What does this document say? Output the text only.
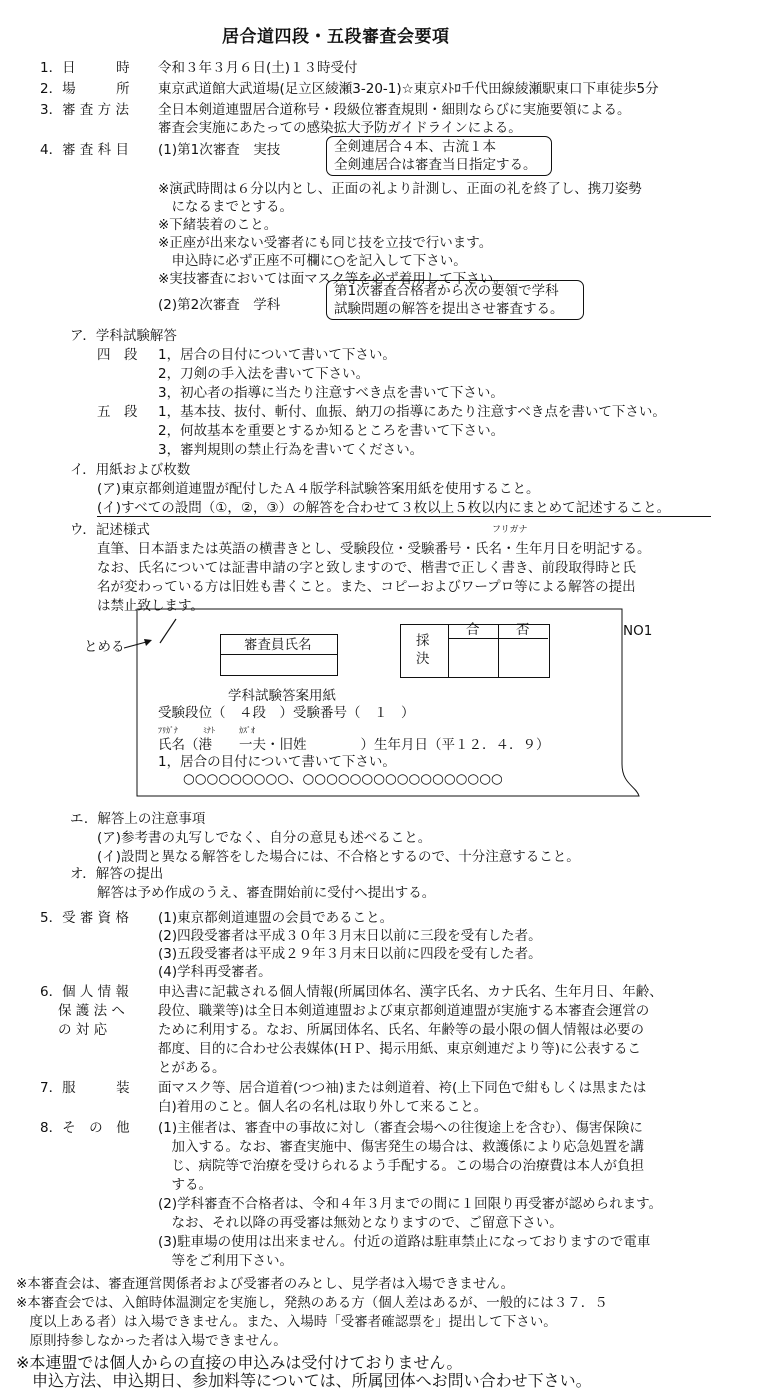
居合道四段・五段審査会要項
1．日　　　時 令和３年３月６日(土)１３時受付
2．場　　　所 東京武道館大武道場(足立区綾瀬3-20-1)☆東京ﾒﾄﾛ千代田線綾瀬駅東口下車徒歩5分
3．審 査 方 法 全日本剣道連盟居合道称号・段級位審査規則・細則ならびに実施要領による。
審査会実施にあたっての感染拡大予防ガイドラインによる。
4．審 査 科 目 (1)第1次審査　実技	全剣連居合４本、古流１本
全剣連居合は審査当日指定する。
※演武時間は６分以内とし、正面の礼より計測し、正面の礼を終了し、携刀姿勢
　になるまでとする。
※下緒装着のこと。
※正座が出来ない受審者にも同じ技を立技で行います。
　申込時に必ず正座不可欄に○を記入して下さい。
※実技審査においては面マスク等を必ず着用して下さい。
(2)第2次審査　学科
第1次審査合格者から次の要領で学科
試験問題の解答を提出させ審査する。
ア．学科試験解答
四　段 1，居合の目付について書いて下さい。
2，刀剣の手入法を書いて下さい。
3，初心者の指導に当たり注意すべき点を書いて下さい。
五　段 1，基本技、抜付、斬付、血振、納刀の指導にあたり注意すべき点を書いて下さい。
2，何故基本を重要とするか知るところを書いて下さい。
3，審判規則の禁止行為を書いてください。
イ．用紙および枚数
(ア)東京都剣道連盟が配付したＡ４版学科試験答案用紙を使用すること。
(イ)すべての設問（①，②，③）の解答を合わせて３枚以上５枚以内にまとめて記述すること。
ウ．記述様式	フリガナ
直筆、日本語または英語の横書きとし、受験段位・受験番号・氏名・生年月日を明記する。
なお、氏名については証書申請の字と致しますので、楷書で正しく書き、前段取得時と氏
名が変わっている方は旧姓も書くこと。また、コピーおよびワープロ等による解答の提出
は禁止致します。
とめる	審査員氏名	採
決
合	否	NO1
学科試験答案用紙
受験段位（　４段　）受験番号（　１　）
ﾌﾘｶﾞﾅ	ﾐﾅﾄ	ｶｽﾞｵ
氏名（港　　一夫・旧姓　　　　）生年月日（平１２．４．９）
1，居合の目付について書いて下さい。
○○○○○○○○○、○○○○○○○○○○○○○○○○○
エ．解答上の注意事項
(ア)参考書の丸写しでなく、自分の意見も述べること。
(イ)設問と異なる解答をした場合には、不合格とするので、十分注意すること。
オ．解答の提出
解答は予め作成のうえ、審査開始前に受付へ提出する。
5．受 審 資 格 (1)東京都剣道連盟の会員であること。
(2)四段受審者は平成３０年３月末日以前に三段を受有した者。
(3)五段受審者は平成２９年３月末日以前に四段を受有した者。
(4)学科再受審者。
6．個 人 情 報
保 護 法 へ
の 対 応
申込書に記載される個人情報(所属団体名、漢字氏名、カナ氏名、生年月日、年齢、
段位、職業等)は全日本剣道連盟および東京都剣道連盟が実施する本審査会運営の
ために利用する。なお、所属団体名、氏名、年齢等の最小限の個人情報は必要の
都度、目的に合わせ公表媒体(ＨＰ、掲示用紙、東京剣連だより等)に公表するこ
とがある。
7．服　　　装 面マスク等、居合道着(つつ袖)または剣道着、袴(上下同色で紺もしくは黒または
白)着用のこと。個人名の名札は取り外して来ること。
8．そ　の　他 (1)主催者は、審査中の事故に対し（審査会場への往復途上を含む）、傷害保険に
　加入する。なお、審査実施中、傷害発生の場合は、救護係により応急処置を講
　じ、病院等で治療を受けられるよう手配する。この場合の治療費は本人が負担
　する。
(2)学科審査不合格者は、令和４年３月までの間に１回限り再受審が認められます。
　なお、それ以降の再受審は無効となりますので、ご留意下さい。
(3)駐車場の使用は出来ません。付近の道路は駐車禁止になっておりますので電車
　等をご利用下さい。
※本審査会は、審査運営関係者および受審者のみとし、見学者は入場できません。
※本審査会では、入館時体温測定を実施し，発熱のある方（個人差はあるが、一般的には３７．５
　度以上ある者）は入場できません。また、入場時「受審者確認票を」提出して下さい。
　原則持参しなかった者は入場できません。
※本連盟では個人からの直接の申込みは受付けておりません。
　申込方法、申込期日、参加料等については、所属団体へお問い合わせ下さい。
